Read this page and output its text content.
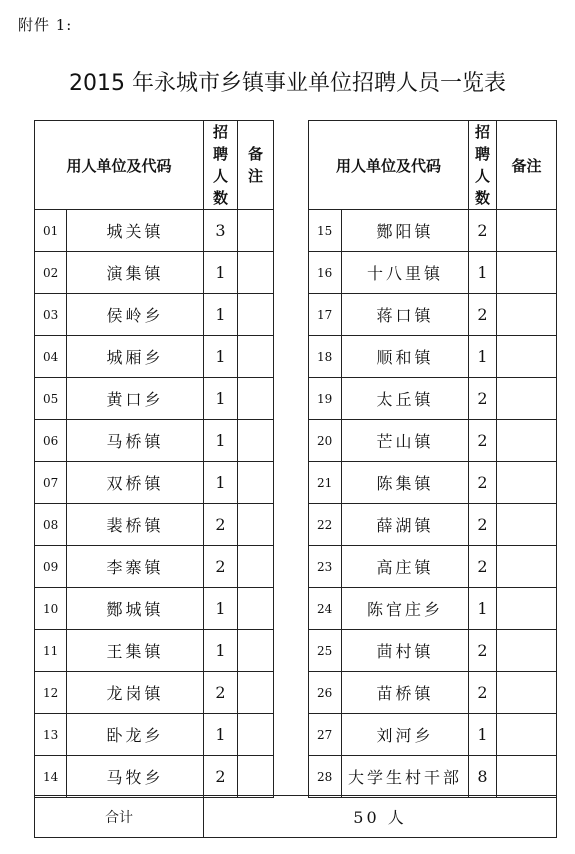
附件 1:
2015 年永城市乡镇事业单位招聘人员一览表
用人单位及代码		招
聘
人
数	备
注
01	城关镇	3	
02	演集镇	1	
03	侯岭乡	1	
04	城厢乡	1	
05	黄口乡	1	
06	马桥镇	1	
07	双桥镇	1	
08	裴桥镇	2	
09	李寨镇	2	
10	酂城镇	1	
11	王集镇	1	
12	龙岗镇	2	
13	卧龙乡	1	
14	马牧乡	2	
用人单位及代码		招
聘
人
数	备注
15	酂阳镇	2	
16	十八里镇	1	
17	蒋口镇	2	
18	顺和镇	1	
19	太丘镇	2	
20	芒山镇	2	
21	陈集镇	2	
22	薛湖镇	2	
23	高庄镇	2	
24	陈官庄乡	1	
25	茴村镇	2	
26	苗桥镇	2	
27	刘河乡	1	
28	大学生村干部	8	
合计	50 人
